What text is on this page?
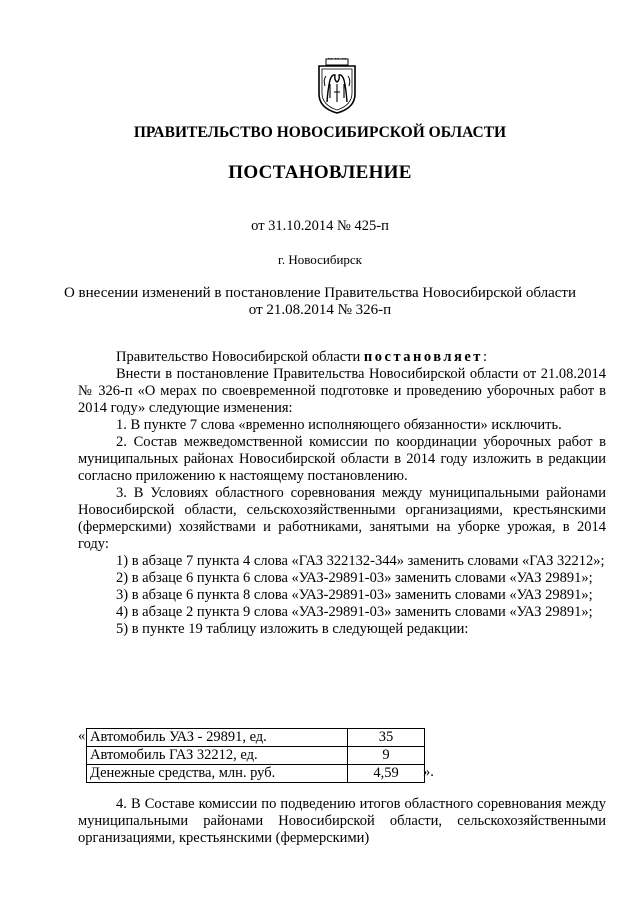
ПРАВИТЕЛЬСТВО НОВОСИБИРСКОЙ ОБЛАСТИ
ПОСТАНОВЛЕНИЕ
от 31.10.2014 № 425-п
г. Новосибирск
О внесении изменений в постановление Правительства Новосибирской области
от 21.08.2014 № 326-п

Правительство Новосибирской области постановляет:

Внести в постановление Правительства Новосибирской области от 21.08.2014 № 326-п «О мерах по своевременной подготовке и проведению уборочных работ в 2014 году» следующие изменения:

1. В пункте 7 слова «временно исполняющего обязанности» исключить.

2. Состав межведомственной комиссии по координации уборочных работ в муниципальных районах Новосибирской области в 2014 году изложить в редакции согласно приложению к настоящему постановлению.

3. В Условиях областного соревнования между муниципальными районами Новосибирской области, сельскохозяйственными организациями, крестьянскими (фермерскими) хозяйствами и работниками, занятыми на уборке урожая, в 2014 году:

1) в абзаце 7 пункта 4 слова «ГАЗ 322132-344» заменить словами «ГАЗ 32212»;

2) в абзаце 6 пункта 6 слова «УАЗ-29891-03» заменить словами «УАЗ 29891»;

3) в абзаце 6 пункта 8 слова «УАЗ-29891-03» заменить словами «УАЗ 29891»;

4) в абзаце 2 пункта 9 слова «УАЗ-29891-03» заменить словами «УАЗ 29891»;

5) в пункте 19 таблицу изложить в следующей редакции:

« Автомобиль УАЗ - 29891, ед.	35
Автомобиль ГАЗ 32212, ед.	9
Денежные средства, млн. руб.	4,59 ».

4. В Составе комиссии по подведению итогов областного соревнования между муниципальными районами Новосибирской области, сельскохозяйственными организациями, крестьянскими (фермерскими)
